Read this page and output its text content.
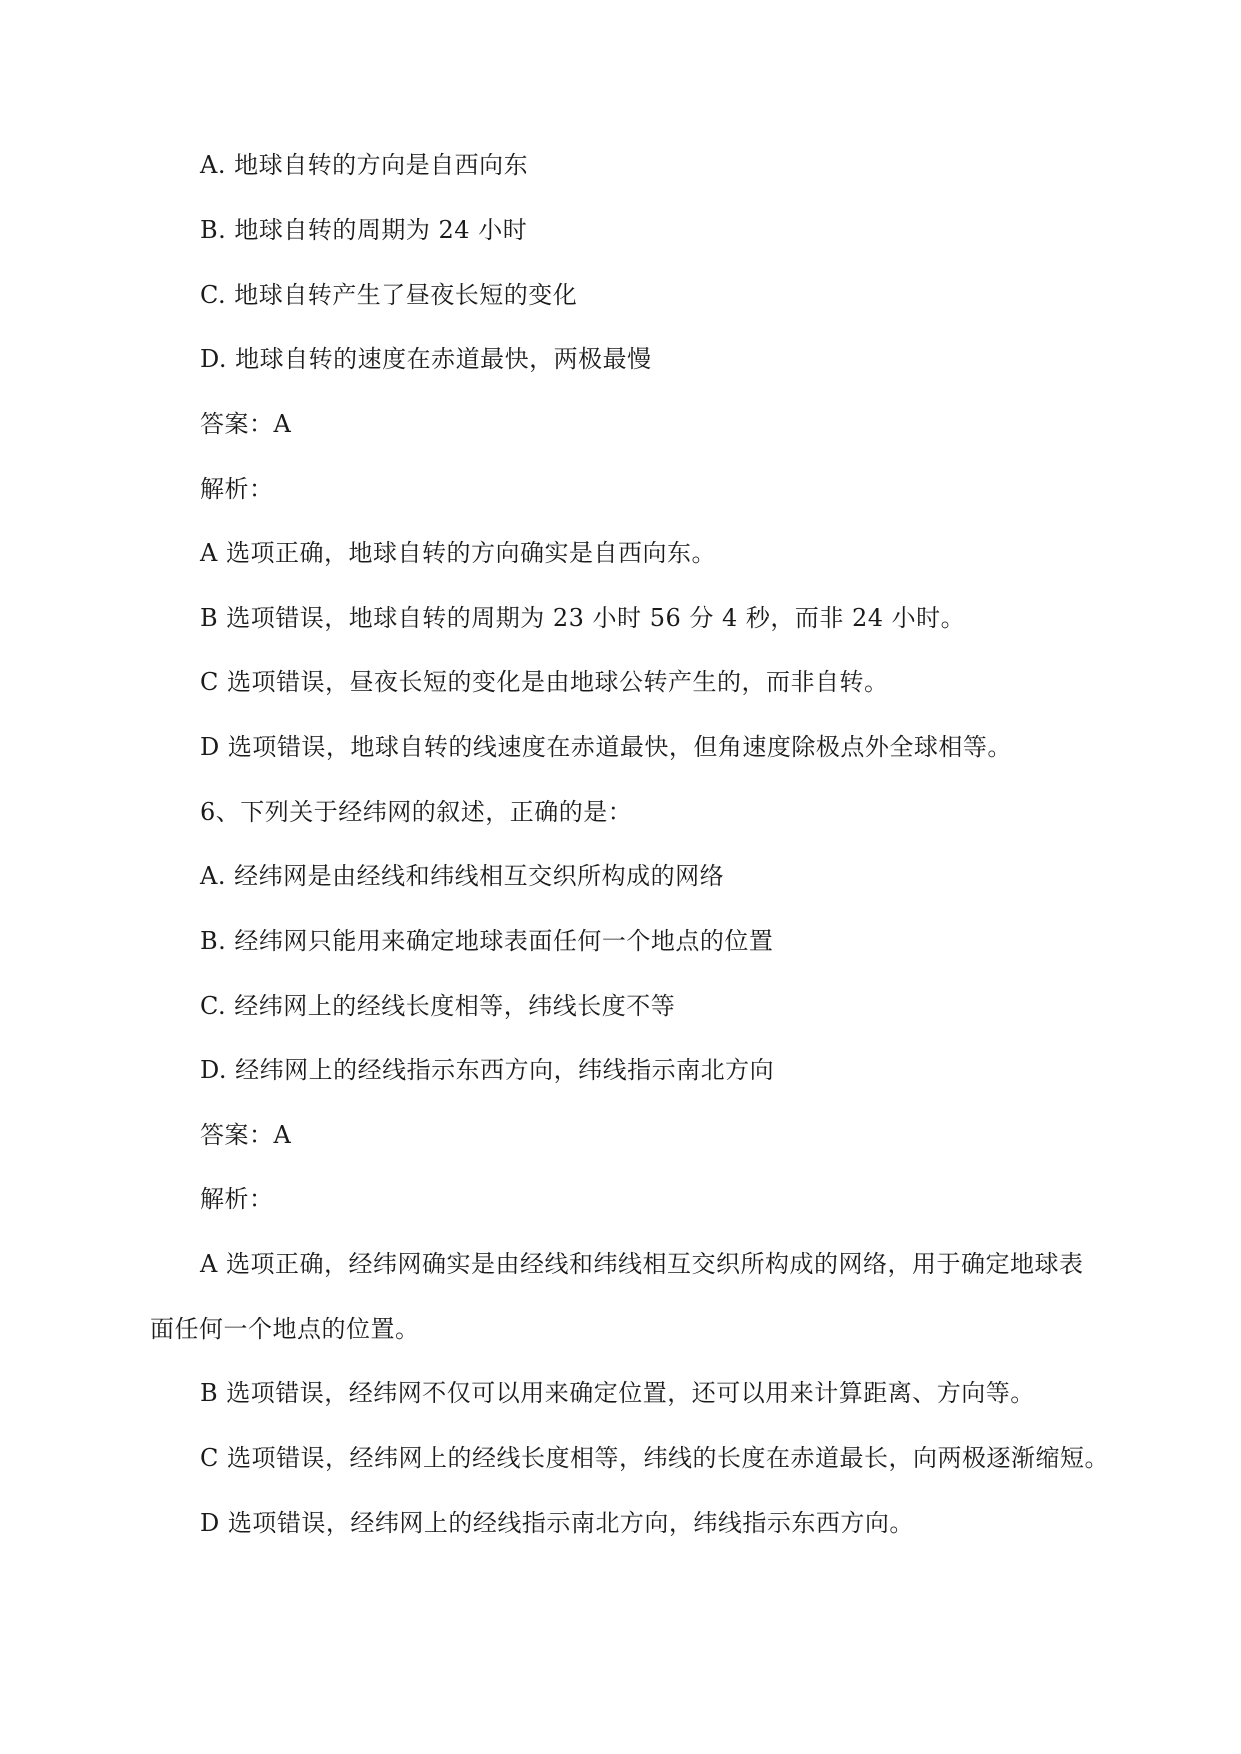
A. 地球自转的方向是自西向东
B. 地球自转的周期为 24 小时
C. 地球自转产生了昼夜长短的变化
D. 地球自转的速度在赤道最快，两极最慢
答案：A
解析：
A 选项正确，地球自转的方向确实是自西向东。
B 选项错误，地球自转的周期为 23 小时 56 分 4 秒，而非 24 小时。
C 选项错误，昼夜长短的变化是由地球公转产生的，而非自转。
D 选项错误，地球自转的线速度在赤道最快，但角速度除极点外全球相等。
6、下列关于经纬网的叙述，正确的是：
A. 经纬网是由经线和纬线相互交织所构成的网络
B. 经纬网只能用来确定地球表面任何一个地点的位置
C. 经纬网上的经线长度相等，纬线长度不等
D. 经纬网上的经线指示东西方向，纬线指示南北方向
答案：A
解析：
A 选项正确，经纬网确实是由经线和纬线相互交织所构成的网络，用于确定地球表
面任何一个地点的位置。
B 选项错误，经纬网不仅可以用来确定位置，还可以用来计算距离、方向等。
C 选项错误，经纬网上的经线长度相等，纬线的长度在赤道最长，向两极逐渐缩短。
D 选项错误，经纬网上的经线指示南北方向，纬线指示东西方向。
